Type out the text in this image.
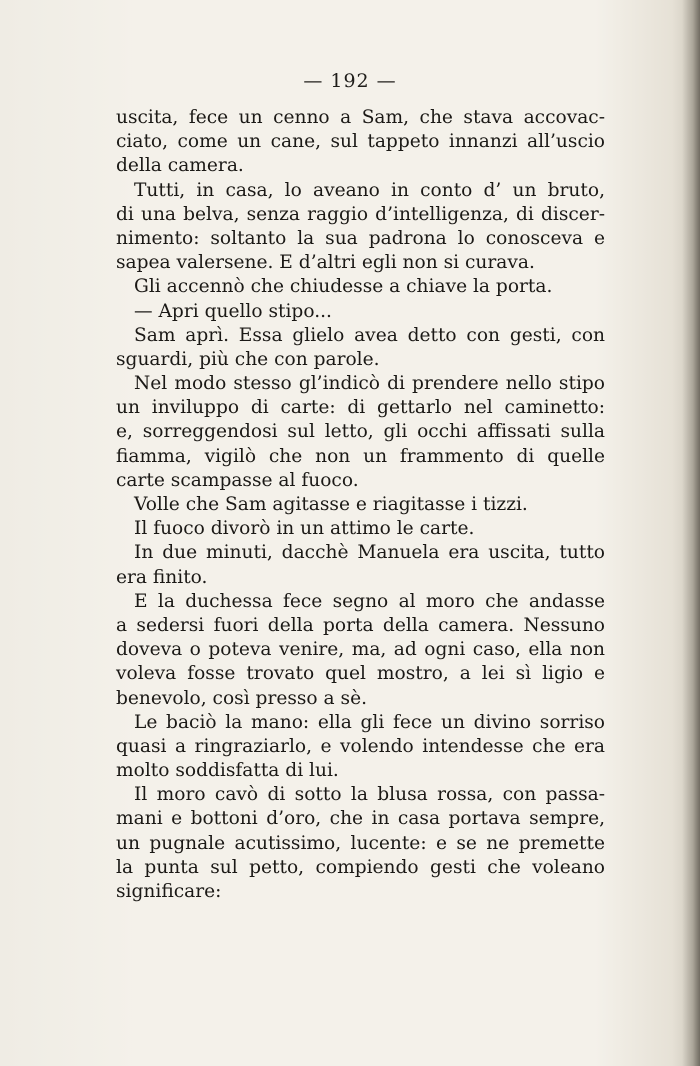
— 192 —
uscita, fece un cenno a Sam, che stava accovac-
ciato, come un cane, sul tappeto innanzi all’uscio
della camera.
Tutti, in casa, lo aveano in conto d’ un bruto,
di una belva, senza raggio d’intelligenza, di discer-
nimento: soltanto la sua padrona lo conosceva e
sapea valersene. E d’altri egli non si curava.
Gli accennò che chiudesse a chiave la porta.
— Apri quello stipo...
Sam aprì. Essa glielo avea detto con gesti, con
sguardi, più che con parole.
Nel modo stesso gl’indicò di prendere nello stipo
un inviluppo di carte: di gettarlo nel caminetto:
e, sorreggendosi sul letto, gli occhi affissati sulla
fiamma, vigilò che non un frammento di quelle
carte scampasse al fuoco.
Volle che Sam agitasse e riagitasse i tizzi.
Il fuoco divorò in un attimo le carte.
In due minuti, dacchè Manuela era uscita, tutto
era finito.
E la duchessa fece segno al moro che andasse
a sedersi fuori della porta della camera. Nessuno
doveva o poteva venire, ma, ad ogni caso, ella non
voleva fosse trovato quel mostro, a lei sì ligio e
benevolo, così presso a sè.
Le baciò la mano: ella gli fece un divino sorriso
quasi a ringraziarlo, e volendo intendesse che era
molto soddisfatta di lui.
Il moro cavò di sotto la blusa rossa, con passa-
mani e bottoni d’oro, che in casa portava sempre,
un pugnale acutissimo, lucente: e se ne premette
la punta sul petto, compiendo gesti che voleano
significare:
